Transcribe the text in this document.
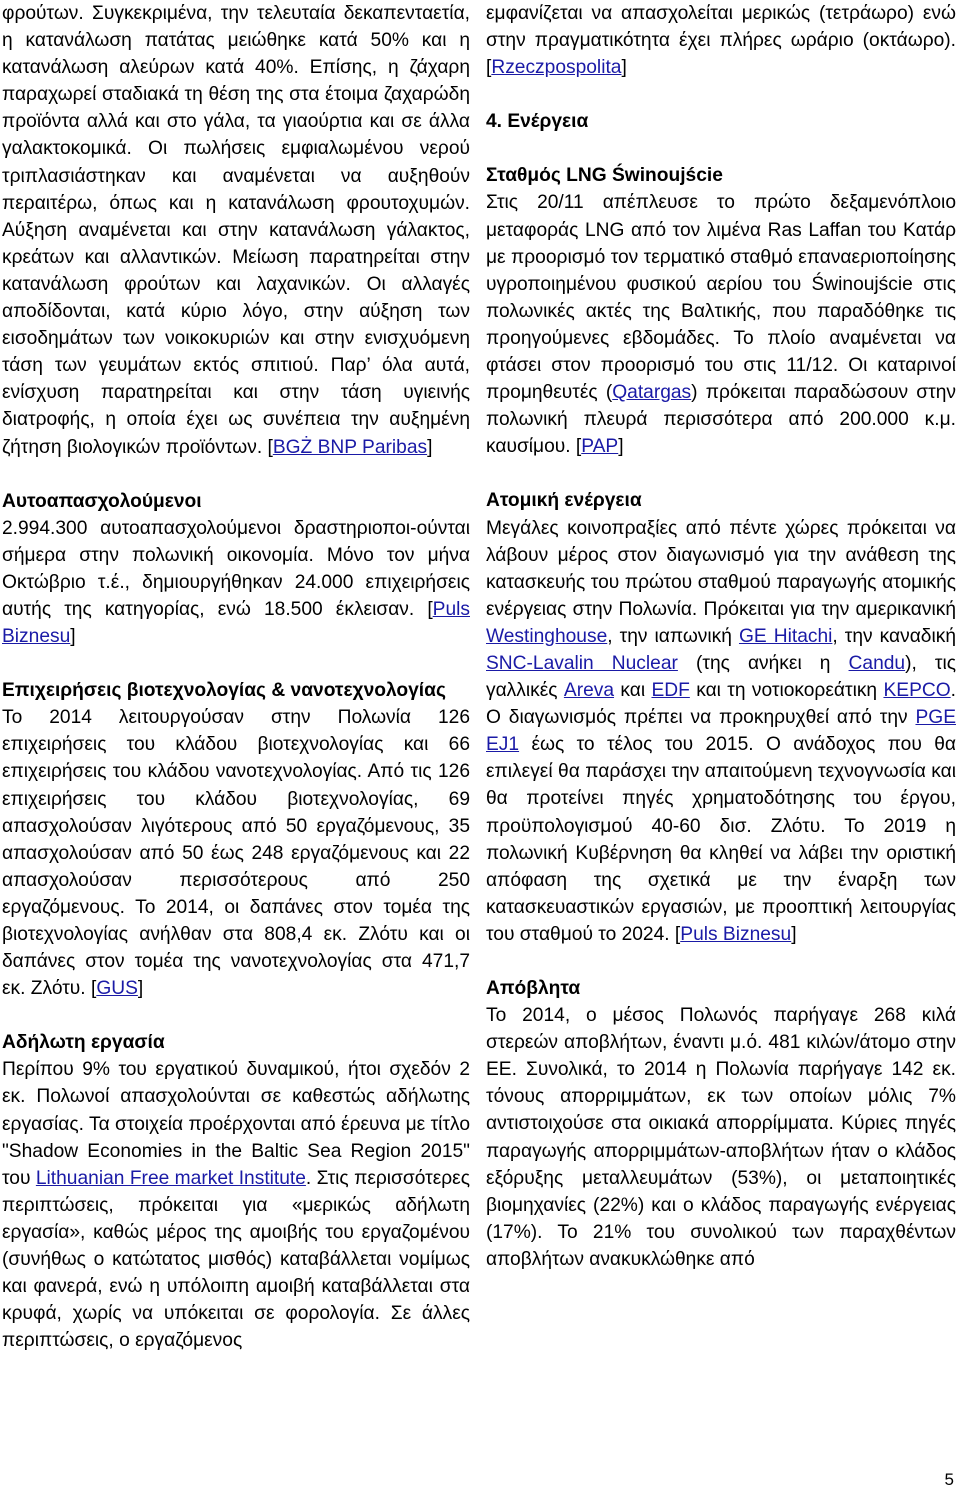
φρούτων. Συγκεκριμένα, την τελευταία δεκαπενταετία, η κατανάλωση πατάτας μειώθηκε κατά 50% και η κατανάλωση αλεύρων κατά 40%. Επίσης, η ζάχαρη παραχωρεί σταδιακά τη θέση της στα έτοιμα ζαχαρώδη προϊόντα αλλά και στο γάλα, τα γιαούρτια και σε άλλα γαλακτοκομικά. Οι πωλήσεις εμφιαλωμένου νερού τριπλασιάστηκαν και αναμένεται να αυξηθούν περαιτέρω, όπως και η κατανάλωση φρουτοχυμών. Αύξηση αναμένεται και στην κατανάλωση γάλακτος, κρεάτων και αλλαντικών. Μείωση παρατηρείται στην κατανάλωση φρούτων και λαχανικών. Οι αλλαγές αποδίδονται, κατά κύριο λόγο, στην αύξηση των εισοδημάτων των νοικοκυριών και στην ενισχυόμενη τάση των γευμάτων εκτός σπιτιού. Παρ’ όλα αυτά, ενίσχυση παρατηρείται και στην τάση υγιεινής διατροφής, η οποία έχει ως συνέπεια την αυξημένη ζήτηση βιολογικών προϊόντων. [BGŻ BNP Paribas]

Αυτοαπασχολούμενοι

2.994.300 αυτοαπασχολούμενοι δραστηριοποι-ούνται σήμερα στην πολωνική οικονομία. Μόνο τον μήνα Οκτώβριο τ.έ., δημιουργήθηκαν 24.000 επιχειρήσεις αυτής της κατηγορίας, ενώ 18.500 έκλεισαν. [Puls Biznesu]

Επιχειρήσεις βιοτεχνολογίας & νανοτεχνολογίας

Το 2014 λειτουργούσαν στην Πολωνία 126 επιχειρήσεις του κλάδου βιοτεχνολογίας και 66 επιχειρήσεις του κλάδου νανοτεχνολογίας. Από τις 126 επιχειρήσεις του κλάδου βιοτεχνολογίας, 69 απασχολούσαν λιγότερους από 50 εργαζόμενους, 35 απασχολούσαν από 50 έως 248 εργαζόμενους και 22 απασχολούσαν περισσότερους από 250 εργαζόμενους. Το 2014, οι δαπάνες στον τομέα της βιοτεχνολογίας ανήλθαν στα 808,4 εκ. Ζλότυ και οι δαπάνες στον τομέα της νανοτεχνολογίας στα 471,7 εκ. Ζλότυ. [GUS]

Αδήλωτη εργασία

Περίπου 9% του εργατικού δυναμικού, ήτοι σχεδόν 2 εκ. Πολωνοί απασχολούνται σε καθεστώς αδήλωτης εργασίας. Τα στοιχεία προέρχονται από έρευνα με τίτλο "Shadow Economies in the Baltic Sea Region 2015" του Lithuanian Free market Institute. Στις περισσότερες περιπτώσεις, πρόκειται για «μερικώς αδήλωτη εργασία», καθώς μέρος της αμοιβής του εργαζομένου (συνήθως ο κατώτατος μισθός) καταβάλλεται νομίμως και φανερά, ενώ η υπόλοιπη αμοιβή καταβάλλεται στα κρυφά, χωρίς να υπόκειται σε φορολογία. Σε άλλες περιπτώσεις, ο εργαζόμενος

εμφανίζεται να απασχολείται μερικώς (τετράωρο) ενώ στην πραγματικότητα έχει πλήρες ωράριο (οκτάωρο). [Rzeczpospolita]

4. Ενέργεια
Σταθμός LNG Świnoujście

Στις 20/11 απέπλευσε το πρώτο δεξαμενόπλοιο μεταφοράς LNG από τον λιμένα Ras Laffan του Κατάρ με προορισμό τον τερματικό σταθμό επαναεριοποίησης υγροποιημένου φυσικού αερίου του Świnoujście στις πολωνικές ακτές της Βαλτικής, που παραδόθηκε τις προηγούμενες εβδομάδες. Το πλοίο αναμένεται να φτάσει στον προορισμό του στις 11/12. Οι καταρινοί προμηθευτές (Qatargas) πρόκειται παραδώσουν στην πολωνική πλευρά περισσότερα από 200.000 κ.μ. καυσίμου. [PAP]

Ατομική ενέργεια

Μεγάλες κοινοπραξίες από πέντε χώρες πρόκειται να λάβουν μέρος στον διαγωνισμό για την ανάθεση της κατασκευής του πρώτου σταθμού παραγωγής ατομικής ενέργειας στην Πολωνία. Πρόκειται για την αμερικανική Westinghouse, την ιαπωνική GE Hitachi, την καναδική SNC-Lavalin Nuclear (της ανήκει η Candu), τις γαλλικές Areva και EDF και τη νοτιοκορεάτικη KEPCO. Ο διαγωνισμός πρέπει να προκηρυχθεί από την PGE EJ1 έως το τέλος του 2015. Ο ανάδοχος που θα επιλεγεί θα παράσχει την απαιτούμενη τεχνογνωσία και θα προτείνει πηγές χρηματοδότησης του έργου, προϋπολογισμού 40-60 δισ. Ζλότυ. Το 2019 η πολωνική Κυβέρνηση θα κληθεί να λάβει την οριστική απόφαση της σχετικά με την έναρξη των κατασκευαστικών εργασιών, με προοπτική λειτουργίας του σταθμού το 2024. [Puls Biznesu]

Απόβλητα

Το 2014, ο μέσος Πολωνός παρήγαγε 268 κιλά στερεών αποβλήτων, έναντι μ.ό. 481 κιλών/άτομο στην ΕΕ. Συνολικά, το 2014 η Πολωνία παρήγαγε 142 εκ. τόνους απορριμμάτων, εκ των οποίων μόλις 7% αντιστοιχούσε στα οικιακά απορρίμματα. Κύριες πηγές παραγωγής απορριμμάτων-αποβλήτων ήταν ο κλάδος εξόρυξης μεταλλευμάτων (53%), οι μεταποιητικές βιομηχανίες (22%) και ο κλάδος παραγωγής ενέργειας (17%). Το 21% του συνολικού των παραχθέντων αποβλήτων ανακυκλώθηκε από

5
